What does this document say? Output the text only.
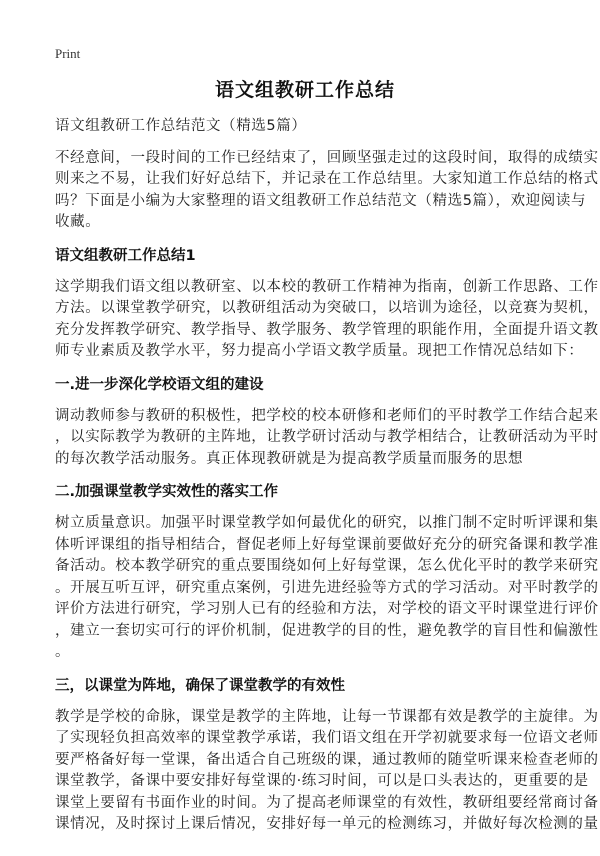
Print
语文组教研工作总结
语文组教研工作总结范文（精选5篇）
不经意间，一段时间的工作已经结束了，回顾坚强走过的这段时间，取得的成绩实
则来之不易，让我们好好总结下，并记录在工作总结里。大家知道工作总结的格式
吗？下面是小编为大家整理的语文组教研工作总结范文（精选5篇），欢迎阅读与
收藏。
语文组教研工作总结1
这学期我们语文组以教研室、以本校的教研工作精神为指南，创新工作思路、工作
方法。以课堂教学研究，以教研组活动为突破口，以培训为途径，以竞赛为契机，
充分发挥教学研究、教学指导、教学服务、教学管理的职能作用，全面提升语文教
师专业素质及教学水平，努力提高小学语文教学质量。现把工作情况总结如下：
一.进一步深化学校语文组的建设
调动教师参与教研的积极性，把学校的校本研修和老师们的平时教学工作结合起来
，以实际教学为教研的主阵地，让教学研讨活动与教学相结合，让教研活动为平时
的每次教学活动服务。真正体现教研就是为提高教学质量而服务的思想
二.加强课堂教学实效性的落实工作
树立质量意识。加强平时课堂教学如何最优化的研究，以推门制不定时听评课和集
体听评课组的指导相结合，督促老师上好每堂课前要做好充分的研究备课和教学准
备活动。校本教学研究的重点要围绕如何上好每堂课，怎么优化平时的教学来研究
。开展互听互评，研究重点案例，引进先进经验等方式的学习活动。对平时教学的
评价方法进行研究，学习别人已有的经验和方法，对学校的语文平时课堂进行评价
，建立一套切实可行的评价机制，促进教学的目的性，避免教学的盲目性和偏激性
。
三，以课堂为阵地，确保了课堂教学的有效性
教学是学校的命脉，课堂是教学的主阵地，让每一节课都有效是教学的主旋律。为
了实现轻负担高效率的课堂教学承诺，我们语文组在开学初就要求每一位语文老师
要严格备好每一堂课，备出适合自己班级的课，通过教师的随堂听课来检查老师的
课堂教学，备课中要安排好每堂课的·练习时间，可以是口头表达的，更重要的是
课堂上要留有书面作业的时间。为了提高老师课堂的有效性，教研组要经常商讨备
课情况，及时探讨上课后情况，安排好每一单元的检测练习，并做好每次检测的量
